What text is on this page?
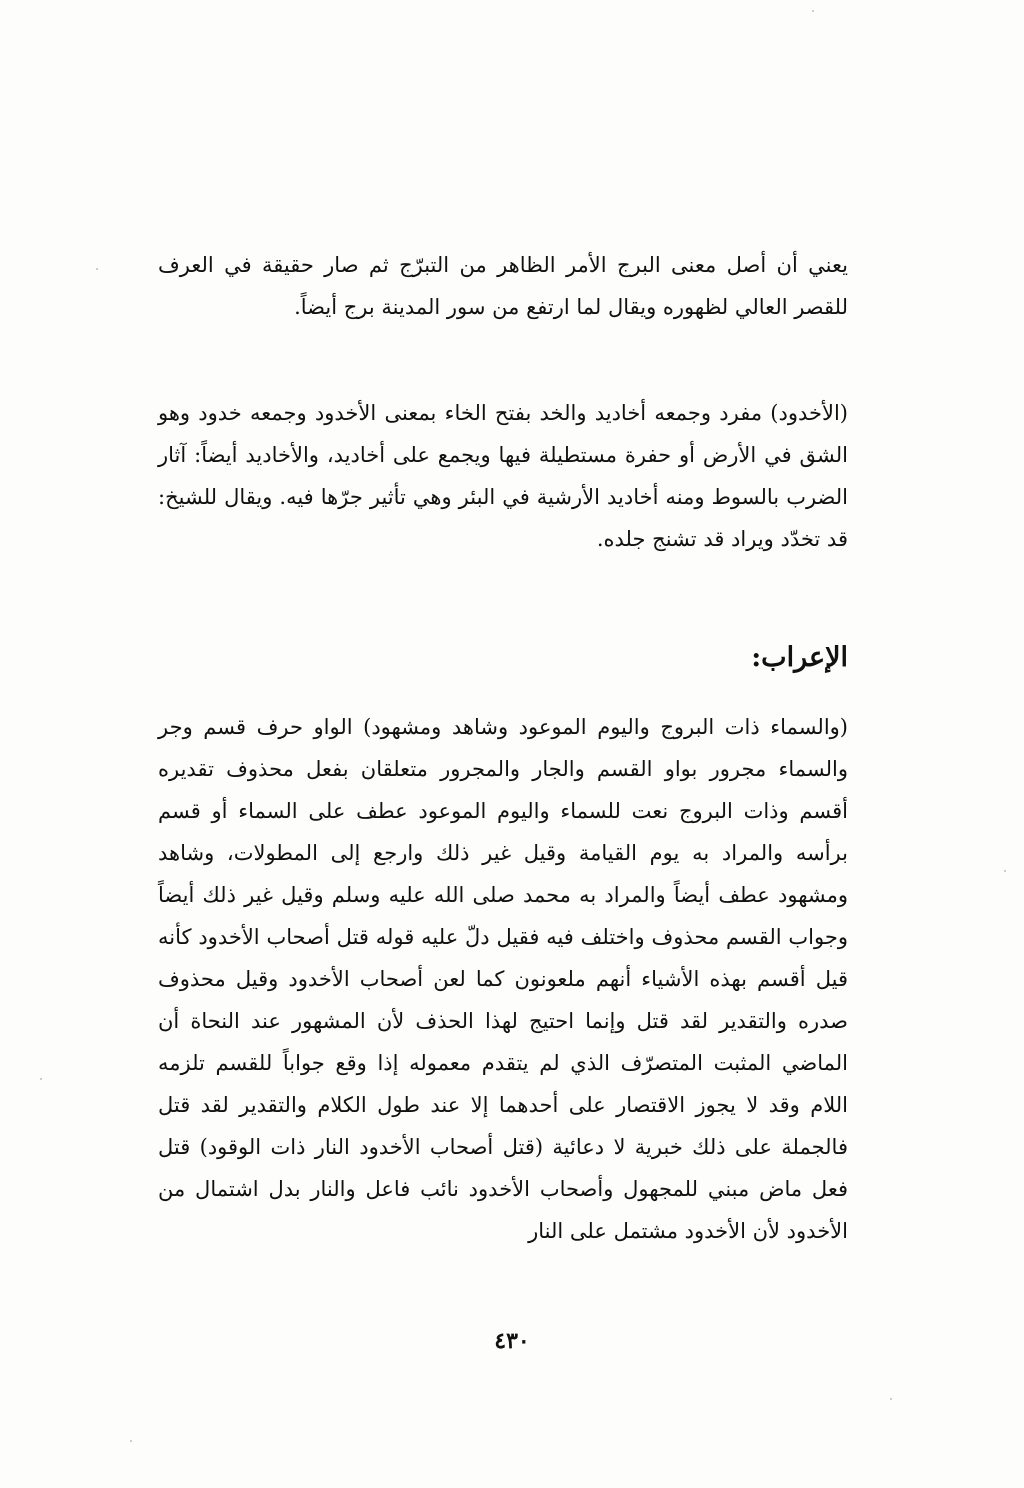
يعني أن أصل معنى البرج الأمر الظاهر من التبرّج ثم صار حقيقة في العرف للقصر العالي لظهوره ويقال لما ارتفع من سور المدينة برج أيضاً.

(الأخدود) مفرد وجمعه أخاديد والخد بفتح الخاء بمعنى الأخدود وجمعه خدود وهو الشق في الأرض أو حفرة مستطيلة فيها ويجمع على أخاديد، والأخاديد أيضاً: آثار الضرب بالسوط ومنه أخاديد الأرشية في البئر وهي تأثير جرّها فيه. ويقال للشيخ: قد تخدّد ويراد قد تشنج جلده.

الإعراب:

(والسماء ذات البروج واليوم الموعود وشاهد ومشهود) الواو حرف قسم وجر والسماء مجرور بواو القسم والجار والمجرور متعلقان بفعل محذوف تقديره أقسم وذات البروج نعت للسماء واليوم الموعود عطف على السماء أو قسم برأسه والمراد به يوم القيامة وقيل غير ذلك وارجع إلى المطولات، وشاهد ومشهود عطف أيضاً والمراد به محمد صلى الله عليه وسلم وقيل غير ذلك أيضاً وجواب القسم محذوف واختلف فيه فقيل دلّ عليه قوله قتل أصحاب الأخدود كأنه قيل أقسم بهذه الأشياء أنهم ملعونون كما لعن أصحاب الأخدود وقيل محذوف صدره والتقدير لقد قتل وإنما احتيج لهذا الحذف لأن المشهور عند النحاة أن الماضي المثبت المتصرّف الذي لم يتقدم معموله إذا وقع جواباً للقسم تلزمه اللام وقد لا يجوز الاقتصار على أحدهما إلا عند طول الكلام والتقدير لقد قتل فالجملة على ذلك خبرية لا دعائية (قتل أصحاب الأخدود النار ذات الوقود) قتل فعل ماض مبني للمجهول وأصحاب الأخدود نائب فاعل والنار بدل اشتمال من الأخدود لأن الأخدود مشتمل على النار

٤٣٠
